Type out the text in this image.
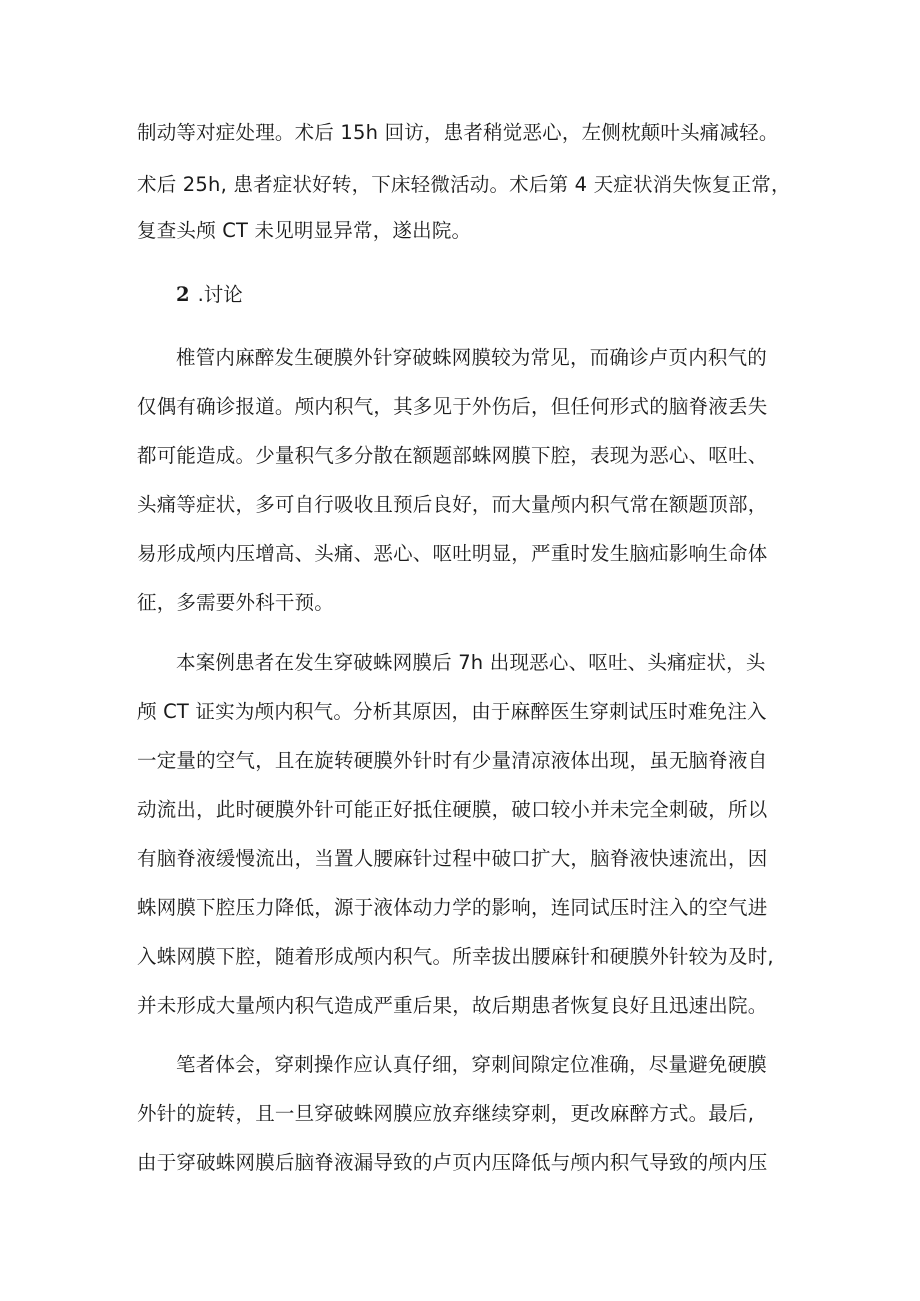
制动等对症处理。术后 15h 回访，患者稍觉恶心，左侧枕颠叶头痛减轻。
术后 25h, 患者症状好转，下床轻微活动。术后第 4 天症状消失恢复正常，
复查头颅 CT 未见明显异常，遂出院。
2 .讨论
椎管内麻醉发生硬膜外针穿破蛛网膜较为常见，而确诊卢页内积气的
仅偶有确诊报道。颅内积气，其多见于外伤后，但任何形式的脑脊液丢失
都可能造成。少量积气多分散在额题部蛛网膜下腔，表现为恶心、呕吐、
头痛等症状，多可自行吸收且预后良好，而大量颅内积气常在额题顶部，
易形成颅内压增高、头痛、恶心、呕吐明显，严重时发生脑疝影响生命体
征，多需要外科干预。
本案例患者在发生穿破蛛网膜后 7h 出现恶心、呕吐、头痛症状，头
颅 CT 证实为颅内积气。分析其原因，由于麻醉医生穿刺试压时难免注入
一定量的空气，且在旋转硬膜外针时有少量清凉液体出现，虽无脑脊液自
动流出，此时硬膜外针可能正好抵住硬膜，破口较小并未完全刺破，所以
有脑脊液缓慢流出，当置人腰麻针过程中破口扩大，脑脊液快速流出，因
蛛网膜下腔压力降低，源于液体动力学的影响，连同试压时注入的空气进
入蛛网膜下腔，随着形成颅内积气。所幸拔出腰麻针和硬膜外针较为及时,
并未形成大量颅内积气造成严重后果，故后期患者恢复良好且迅速出院。
笔者体会，穿刺操作应认真仔细，穿刺间隙定位准确，尽量避免硬膜
外针的旋转，且一旦穿破蛛网膜应放弃继续穿刺，更改麻醉方式。最后,
由于穿破蛛网膜后脑脊液漏导致的卢页内压降低与颅内积气导致的颅内压
